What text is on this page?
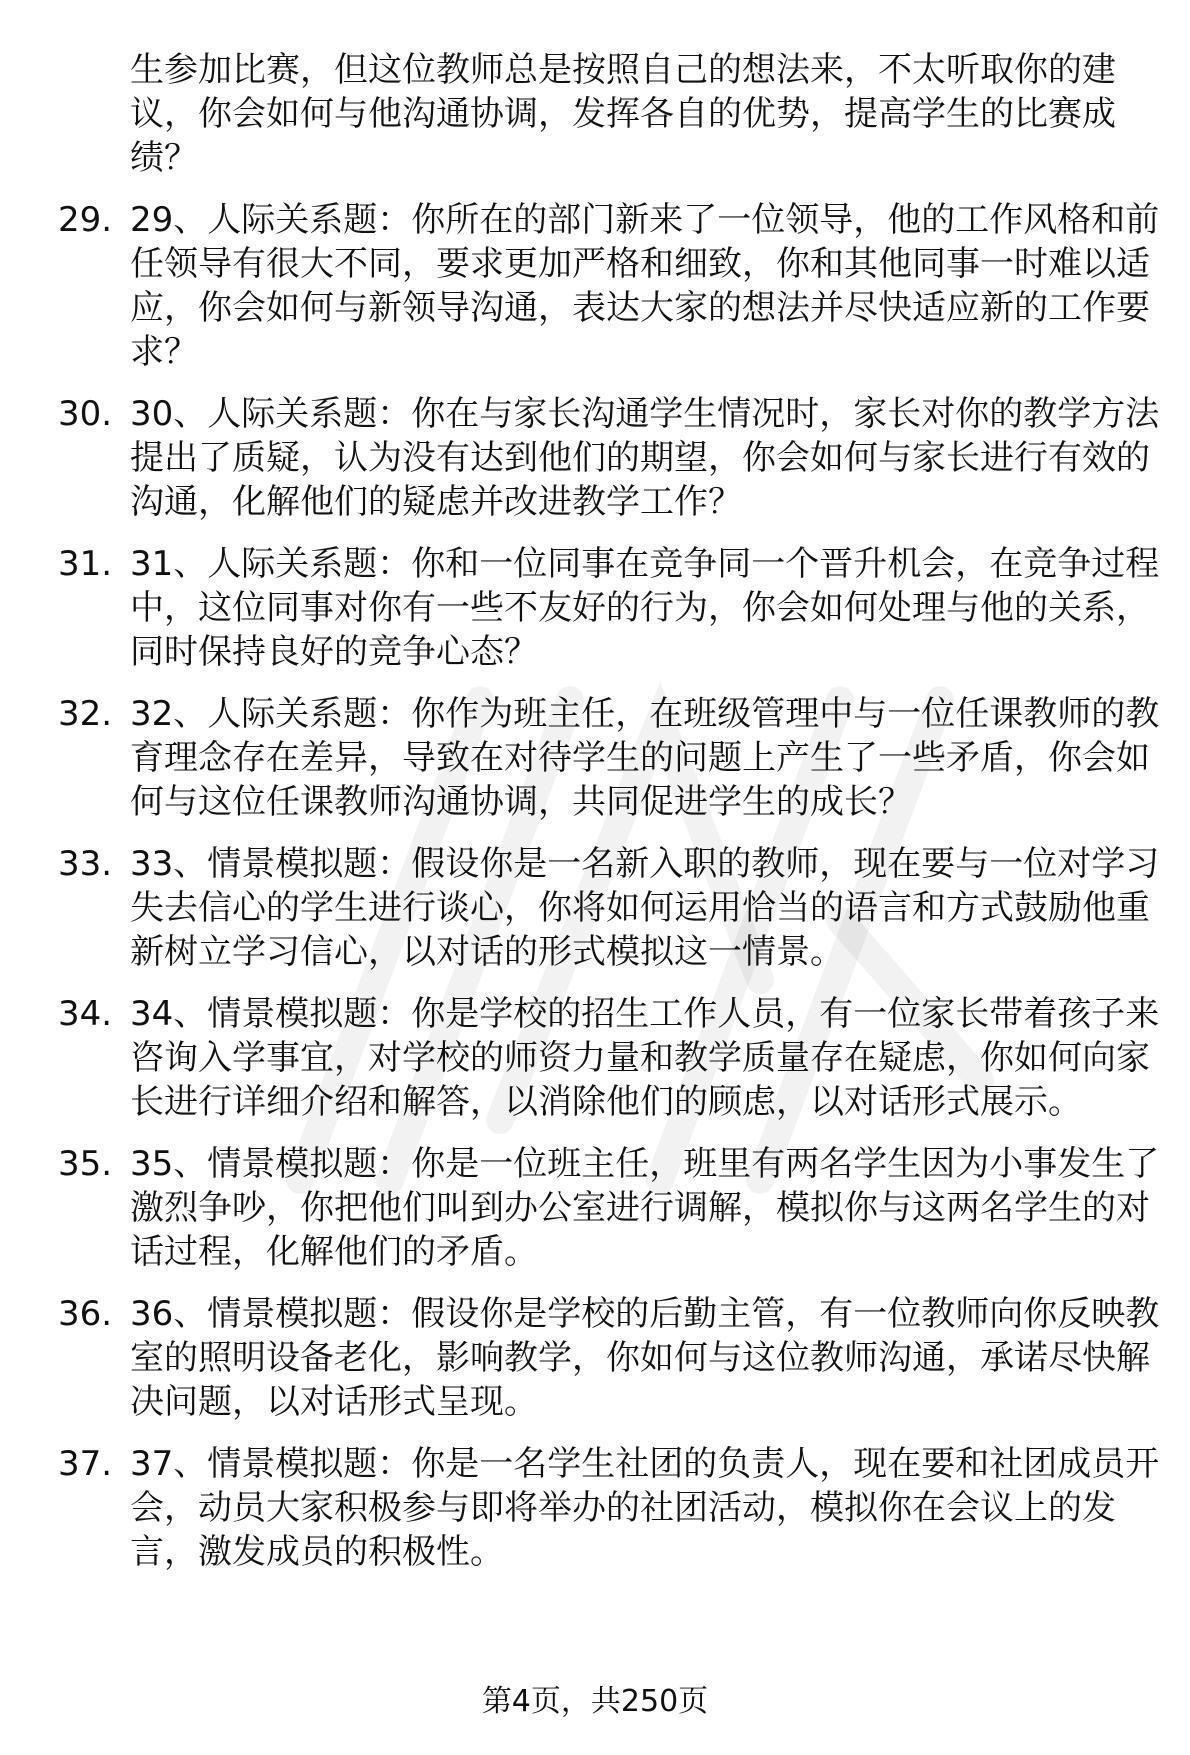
生参加比赛，但这位教师总是按照自己的想法来，不太听取你的建议，你会如何与他沟通协调，发挥各自的优势，提高学生的比赛成绩？

29. 29、人际关系题：你所在的部门新来了一位领导，他的工作风格和前任领导有很大不同，要求更加严格和细致，你和其他同事一时难以适应，你会如何与新领导沟通，表达大家的想法并尽快适应新的工作要求？
30. 30、人际关系题：你在与家长沟通学生情况时，家长对你的教学方法提出了质疑，认为没有达到他们的期望，你会如何与家长进行有效的沟通，化解他们的疑虑并改进教学工作？
31. 31、人际关系题：你和一位同事在竞争同一个晋升机会，在竞争过程中，这位同事对你有一些不友好的行为，你会如何处理与他的关系，同时保持良好的竞争心态？
32. 32、人际关系题：你作为班主任，在班级管理中与一位任课教师的教育理念存在差异，导致在对待学生的问题上产生了一些矛盾，你会如何与这位任课教师沟通协调，共同促进学生的成长？
33. 33、情景模拟题：假设你是一名新入职的教师，现在要与一位对学习失去信心的学生进行谈心，你将如何运用恰当的语言和方式鼓励他重新树立学习信心，以对话的形式模拟这一情景。
34. 34、情景模拟题：你是学校的招生工作人员，有一位家长带着孩子来咨询入学事宜，对学校的师资力量和教学质量存在疑虑，你如何向家长进行详细介绍和解答，以消除他们的顾虑，以对话形式展示。
35. 35、情景模拟题：你是一位班主任，班里有两名学生因为小事发生了激烈争吵，你把他们叫到办公室进行调解，模拟你与这两名学生的对话过程，化解他们的矛盾。
36. 36、情景模拟题：假设你是学校的后勤主管，有一位教师向你反映教室的照明设备老化，影响教学，你如何与这位教师沟通，承诺尽快解决问题，以对话形式呈现。
37. 37、情景模拟题：你是一名学生社团的负责人，现在要和社团成员开会，动员大家积极参与即将举办的社团活动，模拟你在会议上的发言，激发成员的积极性。
第4页，共250页
